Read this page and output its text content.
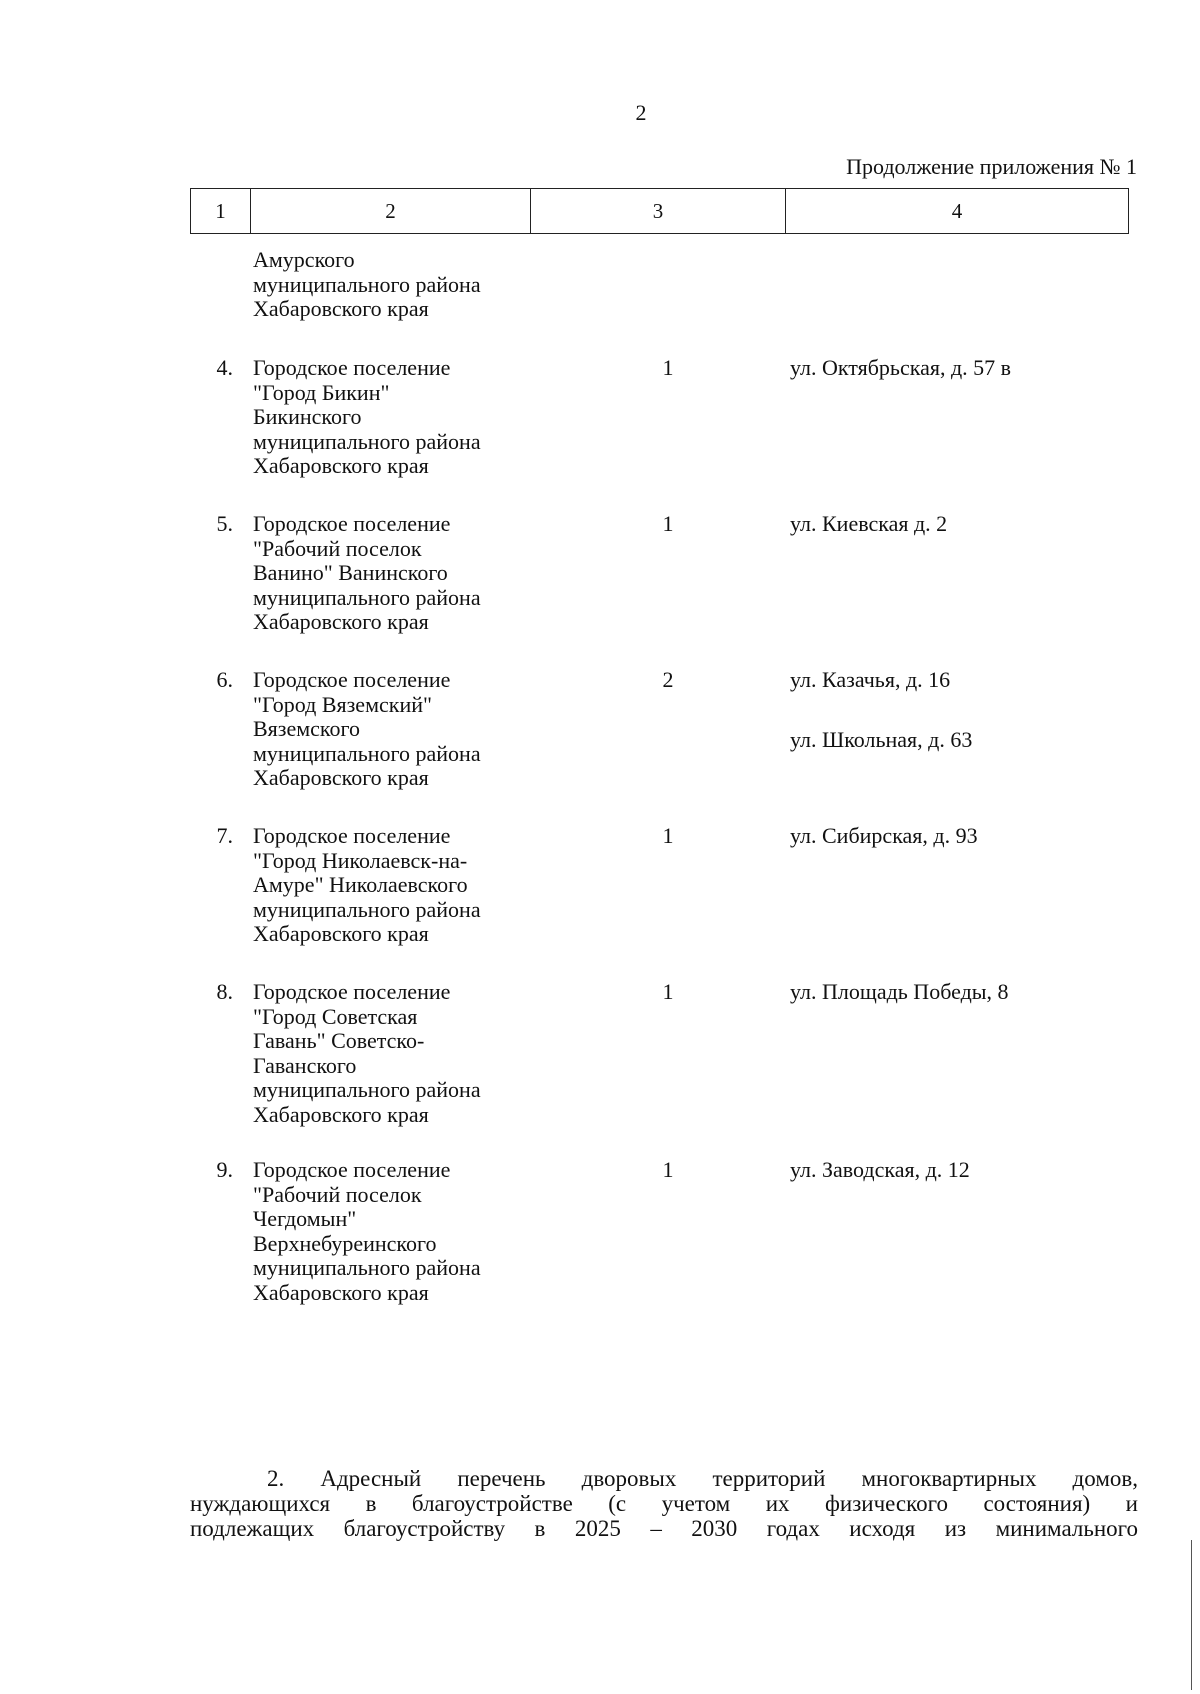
2
Продолжение приложения № 1
1	2	3	4
Амурского
муниципального района
Хабаровского края
4. Городское поселение
"Город Бикин"
Бикинского
муниципального района
Хабаровского края
1	ул. Октябрьская, д. 57 в
5. Городское поселение
"Рабочий поселок
Ванино" Ванинского
муниципального района
Хабаровского края
1	ул. Киевская д. 2
6. Городское поселение
"Город Вяземский"
Вяземского
муниципального района
Хабаровского края
2	ул. Казачья, д. 16
ул. Школьная, д. 63
7. Городское поселение
"Город Николаевск-на-
Амуре" Николаевского
муниципального района
Хабаровского края
1	ул. Сибирская, д. 93
8. Городское поселение
"Город Советская
Гавань" Советско-
Гаванского
муниципального района
Хабаровского края
1	ул. Площадь Победы, 8
9. Городское поселение
"Рабочий поселок
Чегдомын"
Верхнебуреинского
муниципального района
Хабаровского края
1	ул. Заводская, д. 12
2. Адресный перечень дворовых территорий многоквартирных домов,
нуждающихся в благоустройстве (с учетом их физического состояния) и
подлежащих благоустройству в 2025 – 2030 годах исходя из минимального
